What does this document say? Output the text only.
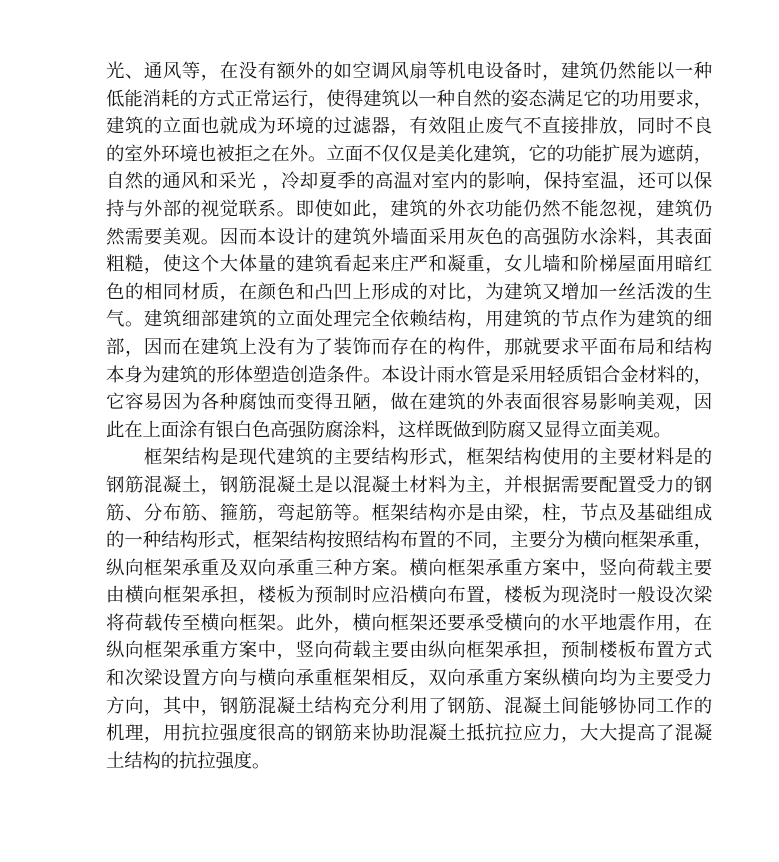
光、通风等，在没有额外的如空调风扇等机电设备时，建筑仍然能以一种
低能消耗的方式正常运行，使得建筑以一种自然的姿态满足它的功用要求，
建筑的立面也就成为环境的过滤器，有效阻止废气不直接排放，同时不良
的室外环境也被拒之在外。立面不仅仅是美化建筑，它的功能扩展为遮荫，
自然的通风和采光 ，冷却夏季的高温对室内的影响，保持室温，还可以保
持与外部的视觉联系。即使如此，建筑的外衣功能仍然不能忽视，建筑仍
然需要美观。因而本设计的建筑外墙面采用灰色的高强防水涂料，其表面
粗糙，使这个大体量的建筑看起来庄严和凝重，女儿墙和阶梯屋面用暗红
色的相同材质，在颜色和凸凹上形成的对比，为建筑又增加一丝活泼的生
气。建筑细部建筑的立面处理完全依赖结构，用建筑的节点作为建筑的细
部，因而在建筑上没有为了装饰而存在的构件，那就要求平面布局和结构
本身为建筑的形体塑造创造条件。本设计雨水管是采用轻质铝合金材料的，
它容易因为各种腐蚀而变得丑陋，做在建筑的外表面很容易影响美观，因
此在上面涂有银白色高强防腐涂料，这样既做到防腐又显得立面美观。

　　框架结构是现代建筑的主要结构形式，框架结构使用的主要材料是的
钢筋混凝土，钢筋混凝土是以混凝土材料为主，并根据需要配置受力的钢
筋、分布筋、箍筋，弯起筋等。框架结构亦是由梁，柱，节点及基础组成
的一种结构形式，框架结构按照结构布置的不同，主要分为横向框架承重，
纵向框架承重及双向承重三种方案。横向框架承重方案中，竖向荷载主要
由横向框架承担，楼板为预制时应沿横向布置，楼板为现浇时一般设次梁
将荷载传至横向框架。此外，横向框架还要承受横向的水平地震作用，在
纵向框架承重方案中，竖向荷载主要由纵向框架承担，预制楼板布置方式
和次梁设置方向与横向承重框架相反，双向承重方案纵横向均为主要受力
方向，其中，钢筋混凝土结构充分利用了钢筋、混凝土间能够协同工作的
机理，用抗拉强度很高的钢筋来协助混凝土抵抗拉应力，大大提高了混凝
土结构的抗拉强度。
